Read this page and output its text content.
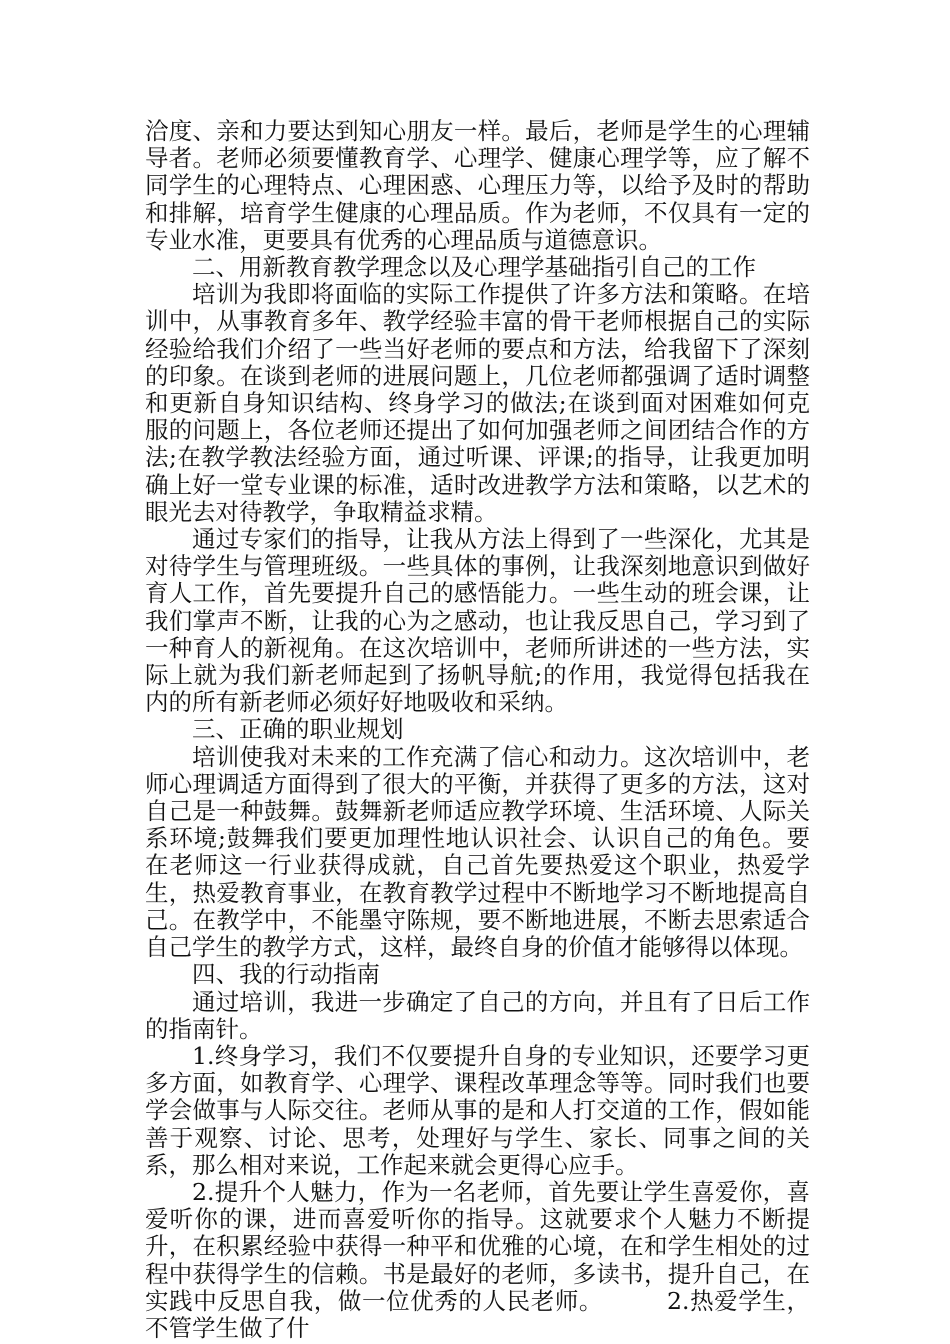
洽度、亲和力要达到知心朋友一样。最后，老师是学生的心理辅导者。老师必须要懂教育学、心理学、健康心理学等，应了解不同学生的心理特点、心理困惑、心理压力等，以给予及时的帮助和排解，培育学生健康的心理品质。作为老师，不仅具有一定的专业水准，更要具有优秀的心理品质与道德意识。

二、用新教育教学理念以及心理学基础指引自己的工作

培训为我即将面临的实际工作提供了许多方法和策略。在培训中，从事教育多年、教学经验丰富的骨干老师根据自己的实际经验给我们介绍了一些当好老师的要点和方法，给我留下了深刻的印象。在谈到老师的进展问题上，几位老师都强调了适时调整和更新自身知识结构、终身学习的做法;在谈到面对困难如何克服的问题上，各位老师还提出了如何加强老师之间团结合作的方法;在教学教法经验方面，通过听课、评课;的指导，让我更加明确上好一堂专业课的标准，适时改进教学方法和策略，以艺术的眼光去对待教学，争取精益求精。

通过专家们的指导，让我从方法上得到了一些深化，尤其是对待学生与管理班级。一些具体的事例，让我深刻地意识到做好育人工作，首先要提升自己的感悟能力。一些生动的班会课，让我们掌声不断，让我的心为之感动，也让我反思自己，学习到了一种育人的新视角。在这次培训中，老师所讲述的一些方法，实际上就为我们新老师起到了扬帆导航;的作用，我觉得包括我在内的所有新老师必须好好地吸收和采纳。

三、正确的职业规划

培训使我对未来的工作充满了信心和动力。这次培训中，老师心理调适方面得到了很大的平衡，并获得了更多的方法，这对自己是一种鼓舞。鼓舞新老师适应教学环境、生活环境、人际关系环境;鼓舞我们要更加理性地认识社会、认识自己的角色。要在老师这一行业获得成就，自己首先要热爱这个职业，热爱学生，热爱教育事业，在教育教学过程中不断地学习不断地提高自己。在教学中，不能墨守陈规，要不断地进展，不断去思索适合自己学生的教学方式，这样，最终自身的价值才能够得以体现。

四、我的行动指南

通过培训，我进一步确定了自己的方向，并且有了日后工作的指南针。

1.终身学习，我们不仅要提升自身的专业知识，还要学习更多方面，如教育学、心理学、课程改革理念等等。同时我们也要学会做事与人际交往。老师从事的是和人打交道的工作，假如能善于观察、讨论、思考，处理好与学生、家长、同事之间的关系，那么相对来说，工作起来就会更得心应手。

2.提升个人魅力，作为一名老师，首先要让学生喜爱你，喜爱听你的课，进而喜爱听你的指导。这就要求个人魅力不断提升，在积累经验中获得一种平和优雅的心境，在和学生相处的过程中获得学生的信赖。书是最好的老师，多读书，提升自己，在实践中反思自我，做一位优秀的人民老师。	2.热爱学生，不管学生做了什
